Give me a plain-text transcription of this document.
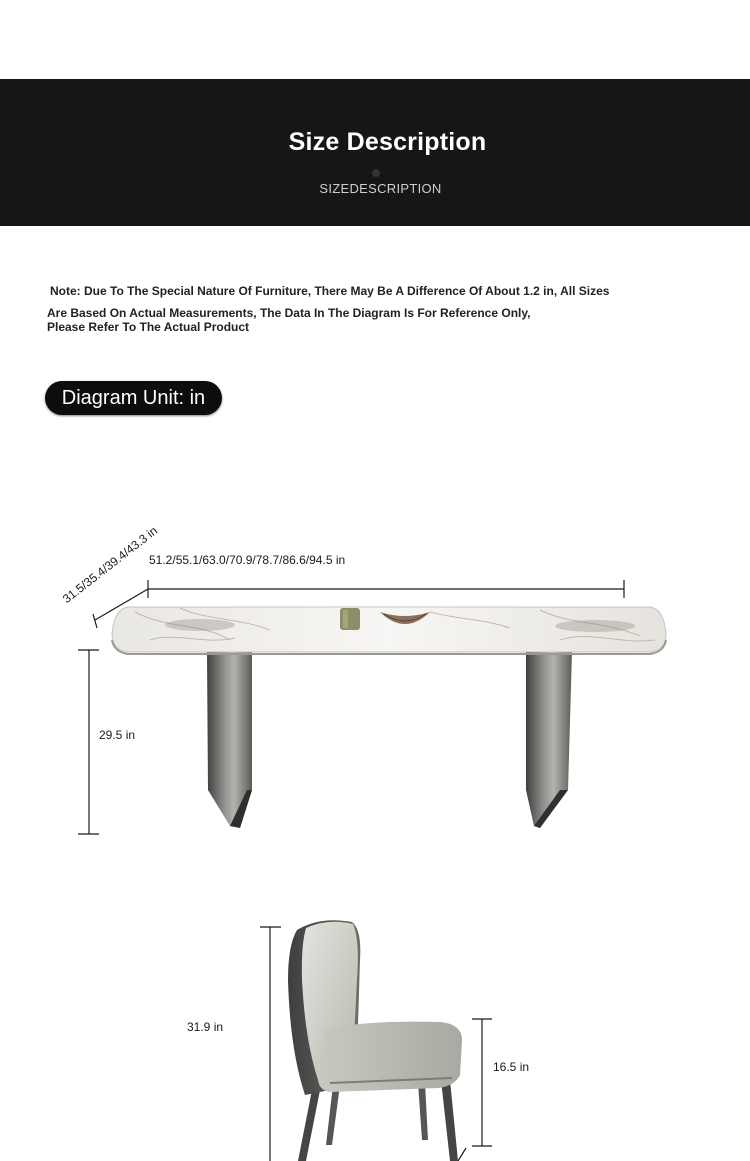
Size Description
SIZEDESCRIPTION
Note: Due To The Special Nature Of Furniture, There May Be A Difference Of About 1.2 in, All Sizes
Are Based On Actual Measurements, The Data In The Diagram Is For Reference Only,
Please Refer To The Actual Product
Diagram Unit: in
51.2/55.1/63.0/70.9/78.7/86.6/94.5 in
31.5/35.4/39.4/43.3 in
29.5 in
31.9 in
16.5 in
